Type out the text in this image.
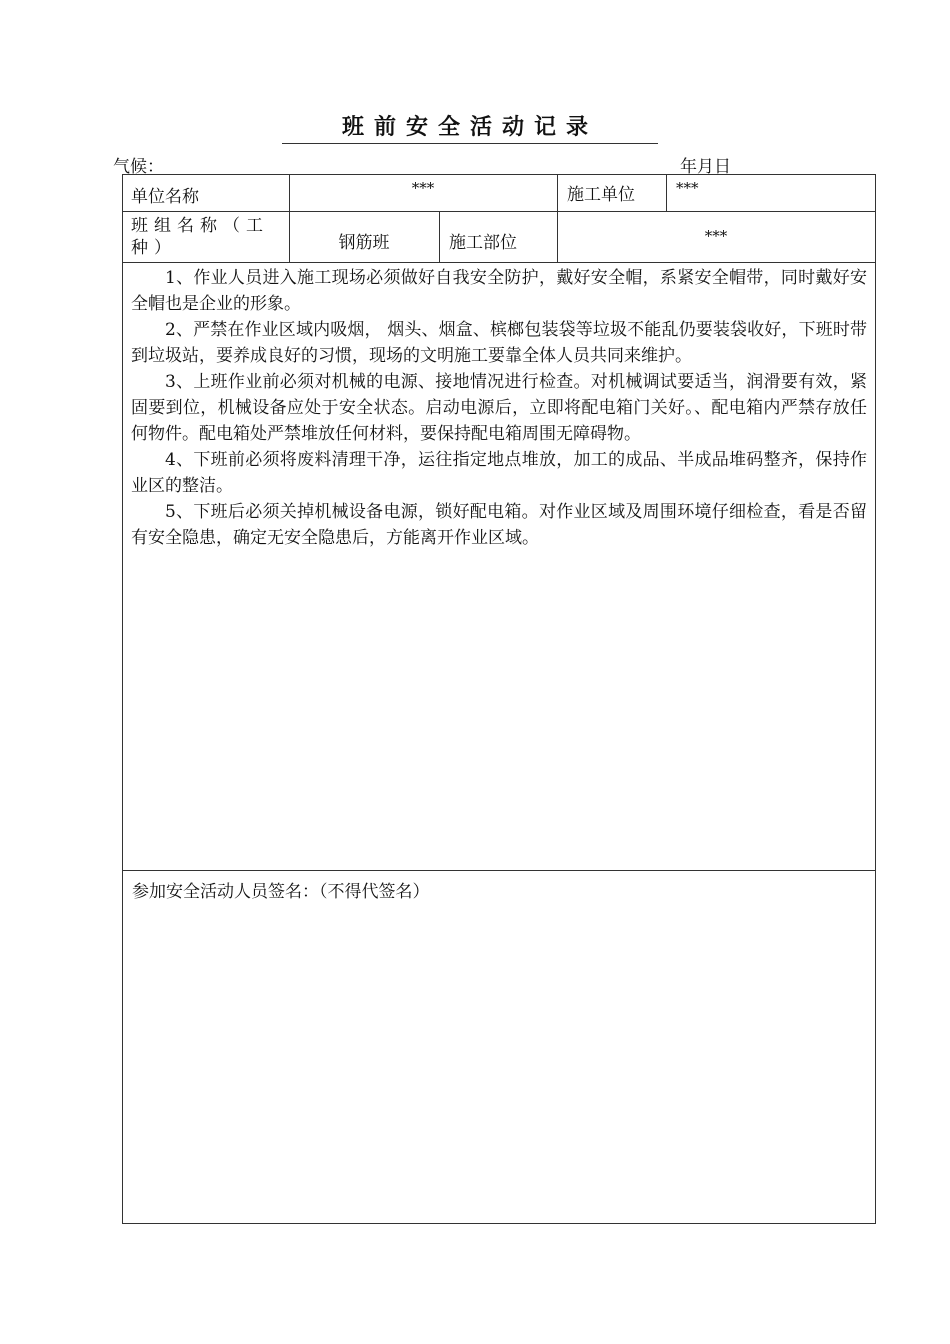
班前安全活动记录
气候：	年月日
单位名称	***	施工单位	***
班组名称（工种）	钢筋班	施工部位	***

1、作业人员进入施工现场必须做好自我安全防护，戴好安全帽，系紧安全帽带，同时戴好安全帽也是企业的形象。

2、严禁在作业区域内吸烟， 烟头、烟盒、槟榔包装袋等垃圾不能乱仍要装袋收好，下班时带到垃圾站，要养成良好的习惯，现场的文明施工要靠全体人员共同来维护。

3、上班作业前必须对机械的电源、接地情况进行检查。对机械调试要适当，润滑要有效，紧固要到位，机械设备应处于安全状态。启动电源后，立即将配电箱门关好。、配电箱内严禁存放任何物件。配电箱处严禁堆放任何材料，要保持配电箱周围无障碍物。

4、下班前必须将废料清理干净，运往指定地点堆放，加工的成品、半成品堆码整齐，保持作业区的整洁。

5、下班后必须关掉机械设备电源，锁好配电箱。对作业区域及周围环境仔细检查，看是否留有安全隐患，确定无安全隐患后，方能离开作业区域。

参加安全活动人员签名：（不得代签名）
